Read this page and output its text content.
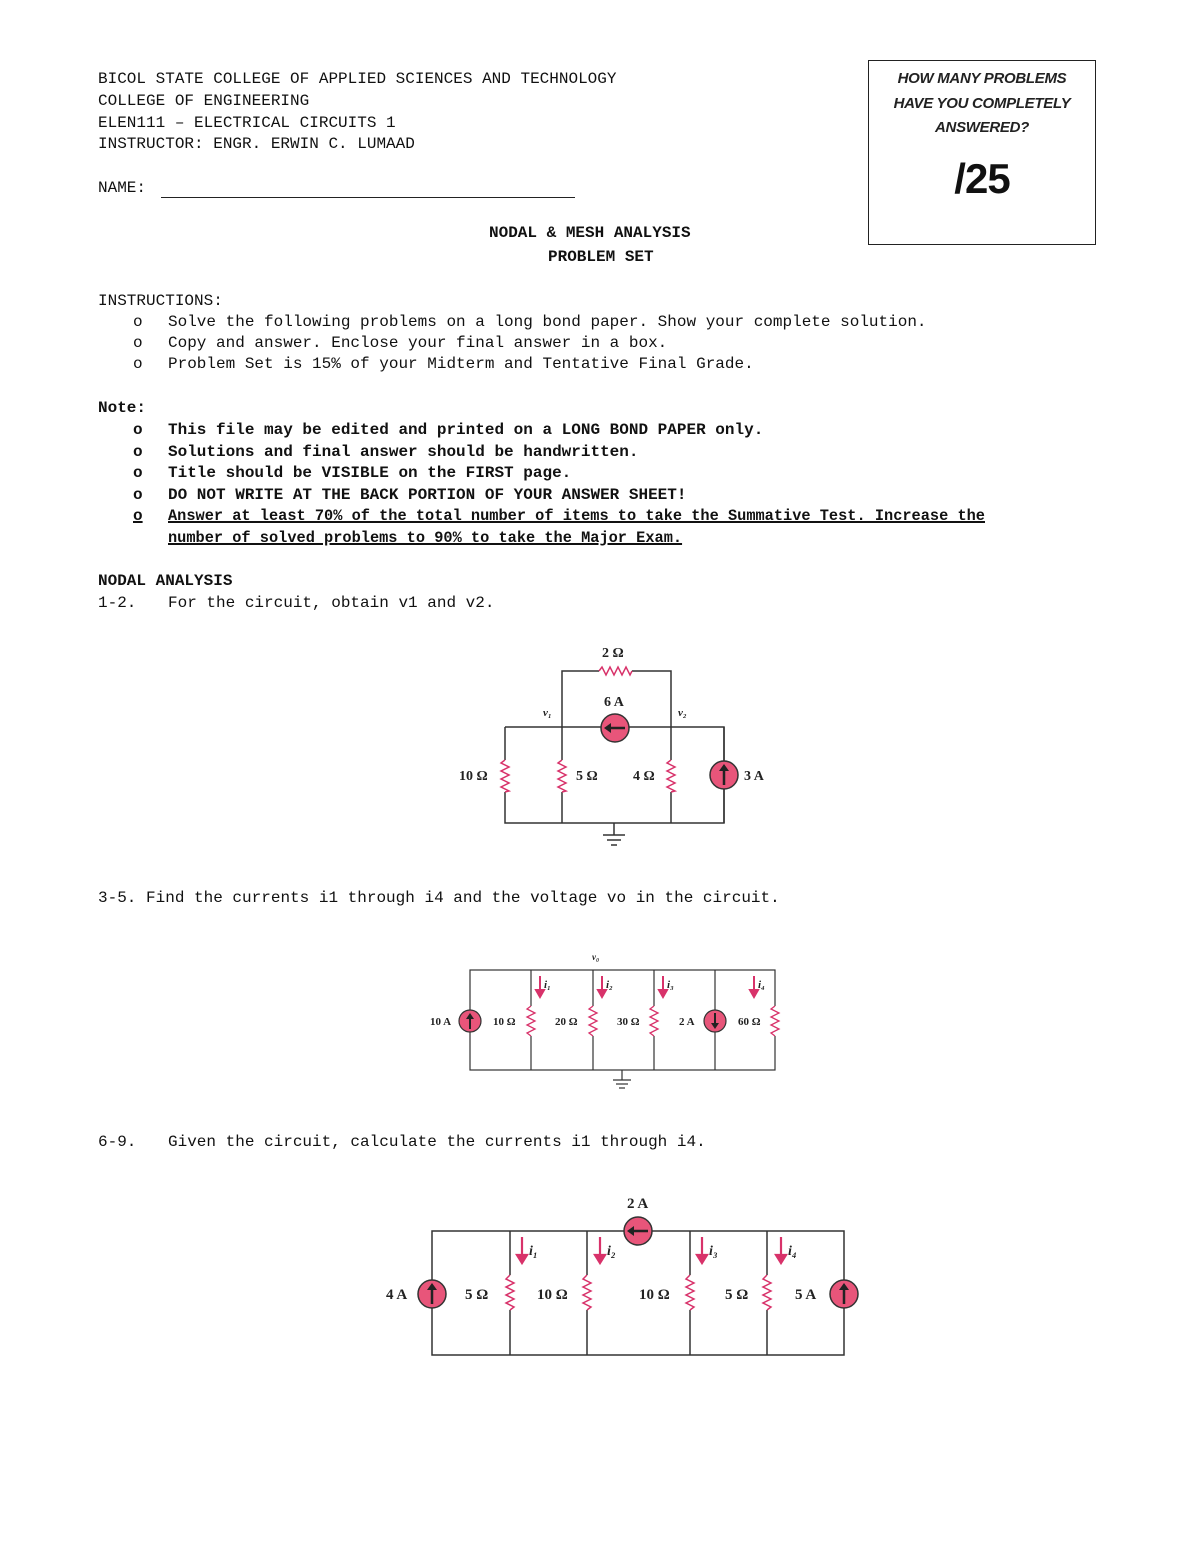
BICOL STATE COLLEGE OF APPLIED SCIENCES AND TECHNOLOGY
COLLEGE OF ENGINEERING
ELEN111 – ELECTRICAL CIRCUITS 1
INSTRUCTOR: ENGR. ERWIN C. LUMAAD
NAME:
HOW MANY PROBLEMS
HAVE YOU COMPLETELY
ANSWERED?
/25
NODAL & MESH ANALYSIS
PROBLEM SET
INSTRUCTIONS:
o Solve the following problems on a long bond paper. Show your complete solution.
o Copy and answer. Enclose your final answer in a box.
o Problem Set is 15% of your Midterm and Tentative Final Grade.
Note:
o This file may be edited and printed on a LONG BOND PAPER only.
o Solutions and final answer should be handwritten.
o Title should be VISIBLE on the FIRST page.
o DO NOT WRITE AT THE BACK PORTION OF YOUR ANSWER SHEET!
o Answer at least 70% of the total number of items to take the Summative Test. Increase the
number of solved problems to 90% to take the Major Exam.
NODAL ANALYSIS
1-2. For the circuit, obtain v1 and v2.
2 Ω
6 A
v₁	v₂
10 Ω	5 Ω	4 Ω	3 A
3-5. Find the currents i1 through i4 and the voltage vo in the circuit.
v₀
i₁	i₂	i₃	i₄
10 A	10 Ω	20 Ω	30 Ω	2 A	60 Ω
6-9. Given the circuit, calculate the currents i1 through i4.
2 A
i₁	i₂	i₃	i₄
4 A	5 Ω	10 Ω	10 Ω	5 Ω	5 A
